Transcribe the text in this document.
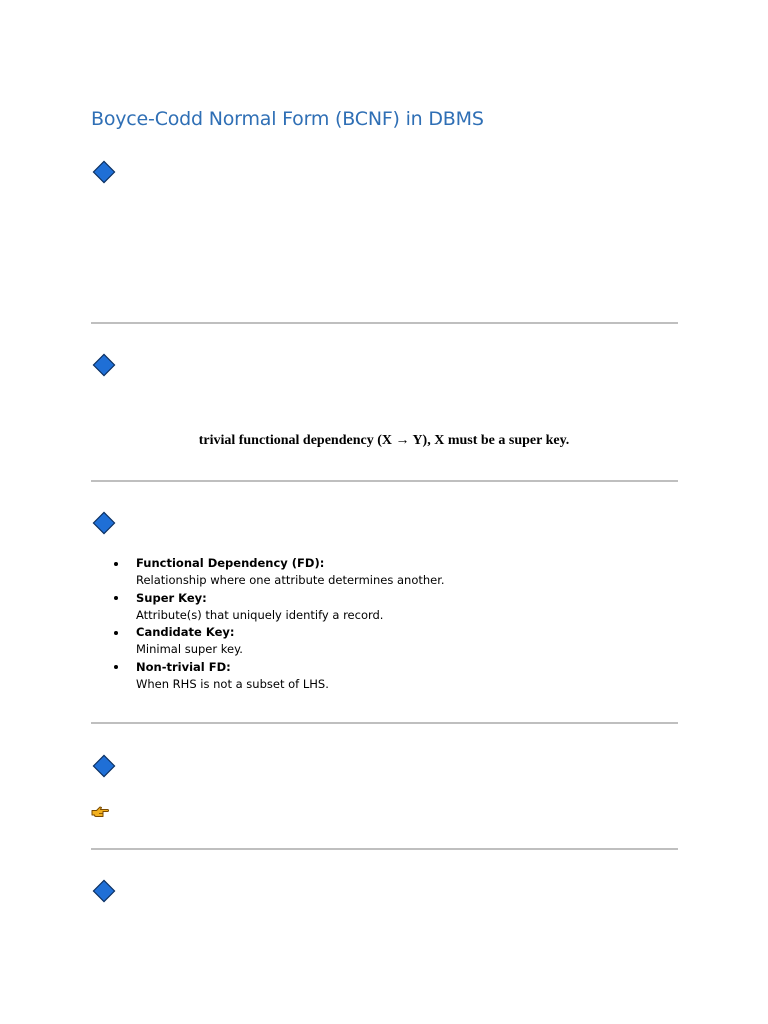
Boyce-Codd Normal Form (BCNF) in DBMS
trivial functional dependency (X → Y), X must be a super key.
Functional Dependency (FD):
Relationship where one attribute determines another.
Super Key:
Attribute(s) that uniquely identify a record.
Candidate Key:
Minimal super key.
Non-trivial FD:
When RHS is not a subset of LHS.
